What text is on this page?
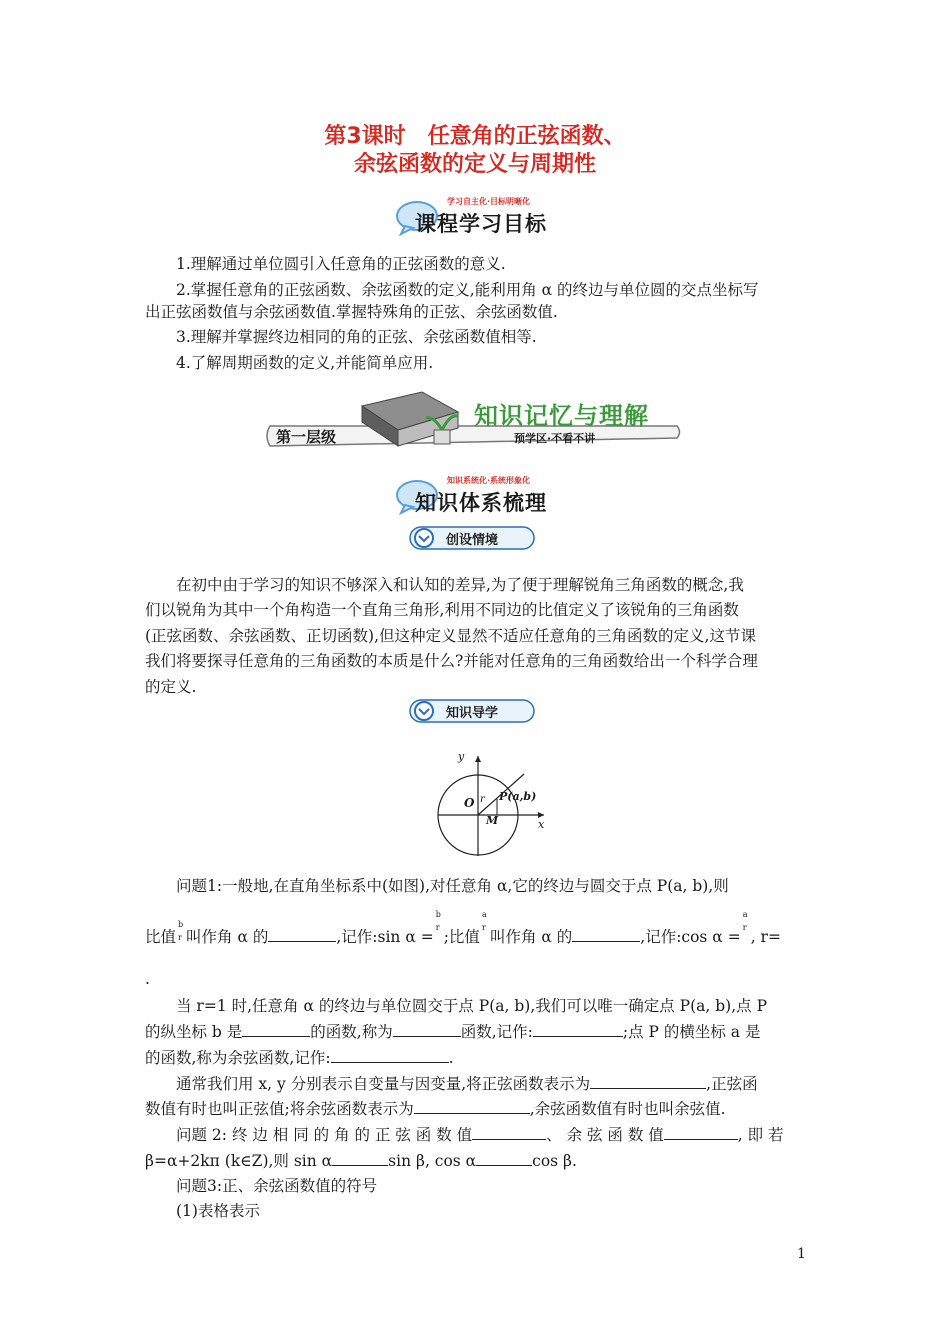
第3课时　任意角的正弦函数、
余弦函数的定义与周期性
学习自主化·目标明晰化
课程学习目标
1.理解通过单位圆引入任意角的正弦函数的意义.
2.掌握任意角的正弦函数、余弦函数的定义,能利用角 α 的终边与单位圆的交点坐标写
出正弦函数值与余弦函数值.掌握特殊角的正弦、余弦函数值.
3.理解并掌握终边相同的角的正弦、余弦函数值相等.
4.了解周期函数的定义,并能简单应用.
第一层级
知识记忆与理解
预学区·不看不讲
知识系统化·系统形象化
知识体系梳理
创设情境
在初中由于学习的知识不够深入和认知的差异,为了便于理解锐角三角函数的概念,我
们以锐角为其中一个角构造一个直角三角形,利用不同边的比值定义了该锐角的三角函数
(正弦函数、余弦函数、正切函数),但这种定义显然不适应任意角的三角函数的定义,这节课
我们将要探寻任意角的三角函数的本质是什么?并能对任意角的三角函数给出一个科学合理
的定义.
知识导学
y
x
O r P(a,b)
M
问题1:一般地,在直角坐标系中(如图),对任意角 α,它的终边与圆交于点 P(a, b),则
比值
b
r 叫作角 α 的	,记作:sin α =
b
r
;比值
a
r
叫作角 α 的	,记作:cos α =
a
r
, r=
.
当 r=1 时,任意角 α 的终边与单位圆交于点 P(a, b),我们可以唯一确定点 P(a, b),点 P
的纵坐标 b 是	的函数,称为	函数,记作:	;点 P 的横坐标 a 是
的函数,称为余弦函数,记作:	.
通常我们用 x, y 分别表示自变量与因变量,将正弦函数表示为	,正弦函
数值有时也叫正弦值;将余弦函数表示为	,余弦函数值有时也叫余弦值.
问题 2: 终 边 相 同 的 角 的 正 弦 函 数 值	、 余 弦 函 数 值	, 即 若
β=α+2kπ (k∈Z),则 sin α	sin β, cos α	cos β.
问题3:正、余弦函数值的符号
(1)表格表示
1
